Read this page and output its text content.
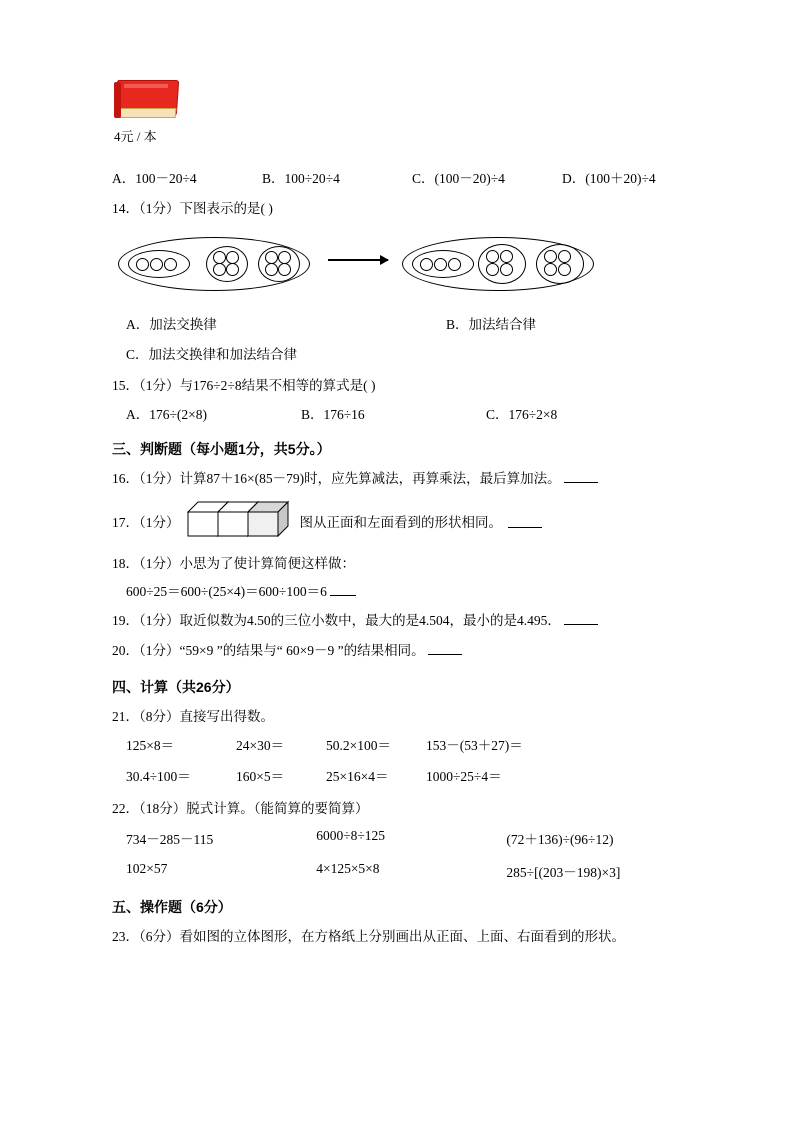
4元 / 本
A．100－20÷4	B．100÷20÷4	C．(100－20)÷4	D．(100＋20)÷4
14．（1分）下图表示的是( )
A．加法交换律	B．加法结合律
C．加法交换律和加法结合律
15．（1分）与176÷2÷8结果不相等的算式是( )
A．176÷(2×8)	B．176÷16	C．176÷2×8
三、判断题（每小题1分，共5分。）
16．（1分）计算87＋16×(85－79)时，应先算减法，再算乘法，最后算加法。
17．（1分）	图从正面和左面看到的形状相同。
18．（1分）小思为了使计算简便这样做：
600÷25＝600÷(25×4)＝600÷100＝6
19．（1分）取近似数为4.50的三位小数中，最大的是4.504，最小的是4.495．
20．（1分）“59×9 ”的结果与“ 60×9－9 ”的结果相同。
四、计算（共26分）
21．（8分）直接写出得数。
125×8＝	24×30＝	50.2×100＝	153－(53＋27)＝
30.4÷100＝	160×5＝	25×16×4＝	1000÷25÷4＝
22．（18分）脱式计算。（能简算的要简算）
734－285－115	6000÷8÷125	(72＋136)÷(96÷12)
102×57	4×125×5×8	285÷[(203－198)×3]
五、操作题（6分）
23．（6分）看如图的立体图形，在方格纸上分别画出从正面、上面、右面看到的形状。
